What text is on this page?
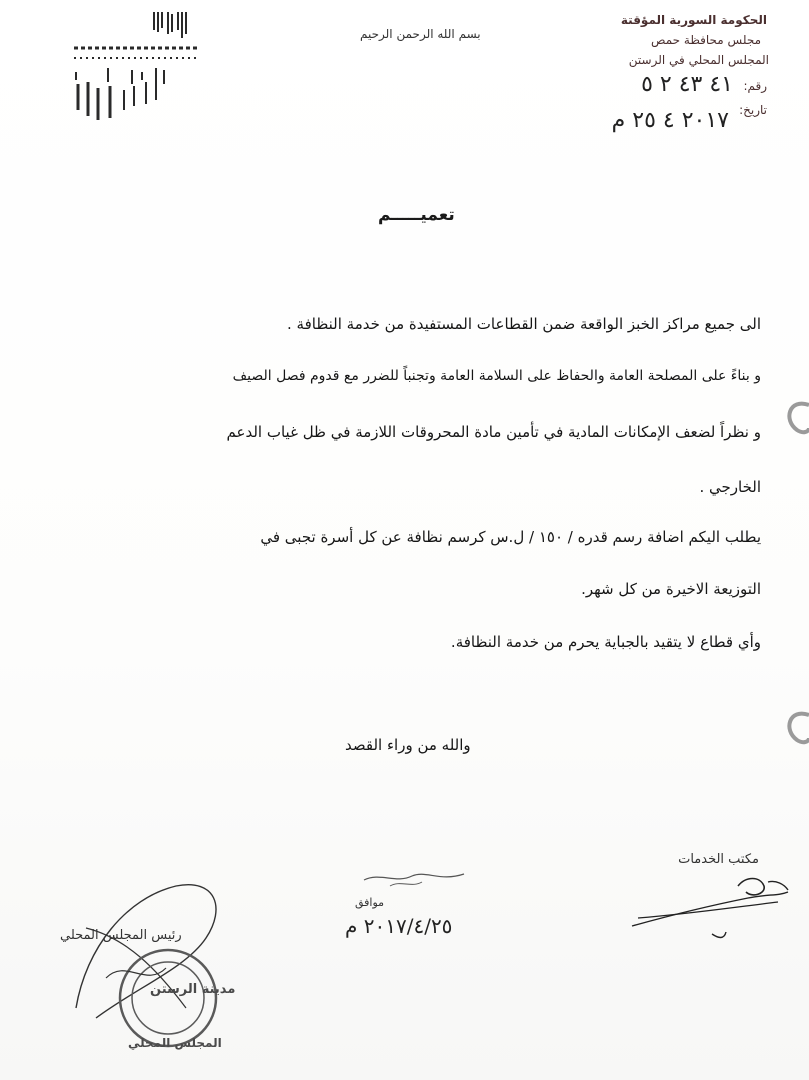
بسم الله الرحمن الرحيم
الحكومة السورية المؤقتة
مجلس محافظة حمص
المجلس المحلي في الرستن
رقم:
٤١ ٤٣ ٢ ٥
تاريخ:
٢٠١٧ ٤ ٢٥ م
تعميـــــم
الى جميع مراكز الخبز الواقعة ضمن القطاعات المستفيدة من خدمة النظافة .
و بناءً على المصلحة العامة والحفاظ على السلامة العامة وتجنباً للضرر مع قدوم فصل الصيف
و نظراً لضعف الإمكانات المادية في تأمين مادة المحروقات اللازمة في ظل غياب الدعم
الخارجي .
يطلب اليكم اضافة رسم قدره / ١٥٠ / ل.س كرسم نظافة عن كل أسرة تجبى في
التوزيعة الاخيرة من كل شهر.
وأي قطاع لا يتقيد بالجباية يحرم من خدمة النظافة.
والله من وراء القصد
مكتب الخدمات
موافق
٢٠١٧/٤/٢٥ م
رئيس المجلس المحلي
مدينة الرستن
المجلس المحلي
